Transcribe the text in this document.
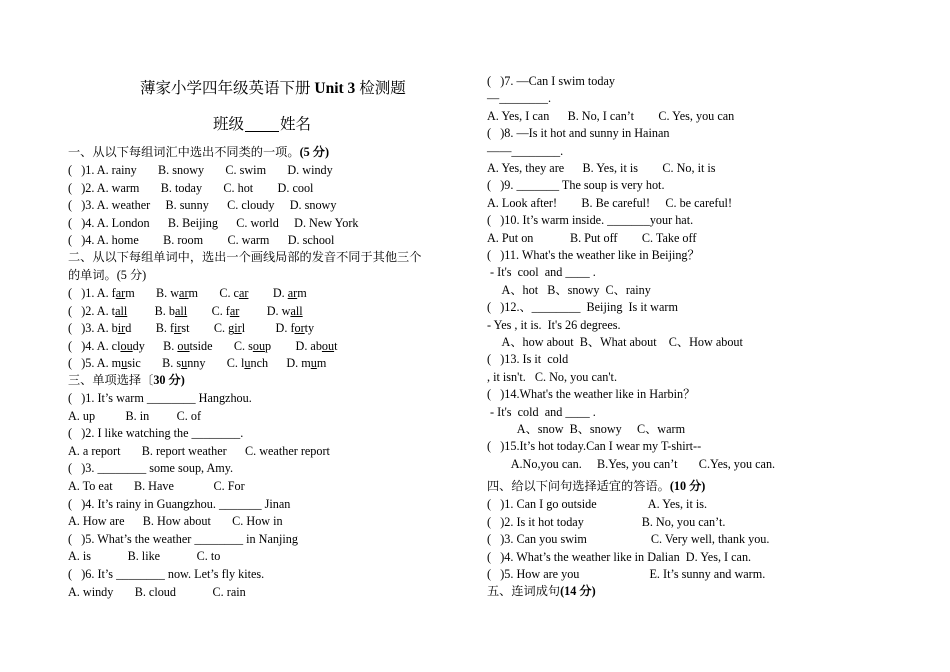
薄家小学四年级英语下册 Unit 3 检测题
班级 姓名
一、从以下每组词汇中选出不同类的一项。(5 分)
(   )1. A. rainy       B. snowy       C. swim       D. windy
(   )2. A. warm       B. today       C. hot        D. cool
(   )3. A. weather     B. sunny      C. cloudy     D. snowy
(   )4. A. London      B. Beijing      C. world     D. New York
(   )4. A. home        B. room        C. warm      D. school
二、从以下每组单词中，选出一个画线局部的发音不同于其他三个
的单词。(5 分)
(   )1. A. farm       B. warm       C. car        D. arm
(   )2. A. tall         B. ball        C. far         D. wall
(   )3. A. bird        B. first        C. girl          D. forty
(   )4. A. cloudy      B. outside       C. soup        D. about
(   )5. A. music       B. sunny       C. lunch      D. mum
三、单项选择〔30 分)
(   )1. It’s warm ________ Hangzhou.
A. up          B. in         C. of
(   )2. I like watching the ________.
A. a report       B. report weather      C. weather report
(   )3. ________ some soup, Amy.
A. To eat       B. Have             C. For
(   )4. It’s rainy in Guangzhou. _______ Jinan
A. How are      B. How about       C. How in
(   )5. What’s the weather ________ in Nanjing
A. is            B. like            C. to
(   )6. It’s ________ now. Let’s fly kites.
A. windy       B. cloud            C. rain
(   )7. —Can I swim today
—________.
A. Yes, I can      B. No, I can’t        C. Yes, you can
(   )8. —Is it hot and sunny in Hainan
——________.
A. Yes, they are      B. Yes, it is        C. No, it is
(   )9. _______ The soup is very hot.
A. Look after!        B. Be careful!     C. be careful!
(   )10. It’s warm inside. _______your hat.
A. Put on            B. Put off        C. Take off
(   )11. What's the weather like in Beijing？
- It's  cool  and ____ .
A、hot   B、snowy  C、rainy
(   )12.、________  Beijing  Is it warm
- Yes , it is.  It's 26 degrees.
A、how about  B、What about    C、How about
(   )13. Is it  cold
, it isn't.   C. No, you can't.
(   )14.What's the weather like in Harbin？
- It's  cold  and ____ .
A、snow  B、snowy     C、warm
(   )15.It’s hot today.Can I wear my T-shirt--
A.No,you can.     B.Yes, you can’t       C.Yes, you can.
四、给以下问句选择适宜的答语。(10 分)
(   )1. Can I go outside                 A. Yes, it is.
(   )2. Is it hot today                   B. No, you can’t.
(   )3. Can you swim                     C. Very well, thank you.
(   )4. What’s the weather like in Dalian  D. Yes, I can.
(   )5. How are you                       E. It’s sunny and warm.
五、连词成句(14 分)
